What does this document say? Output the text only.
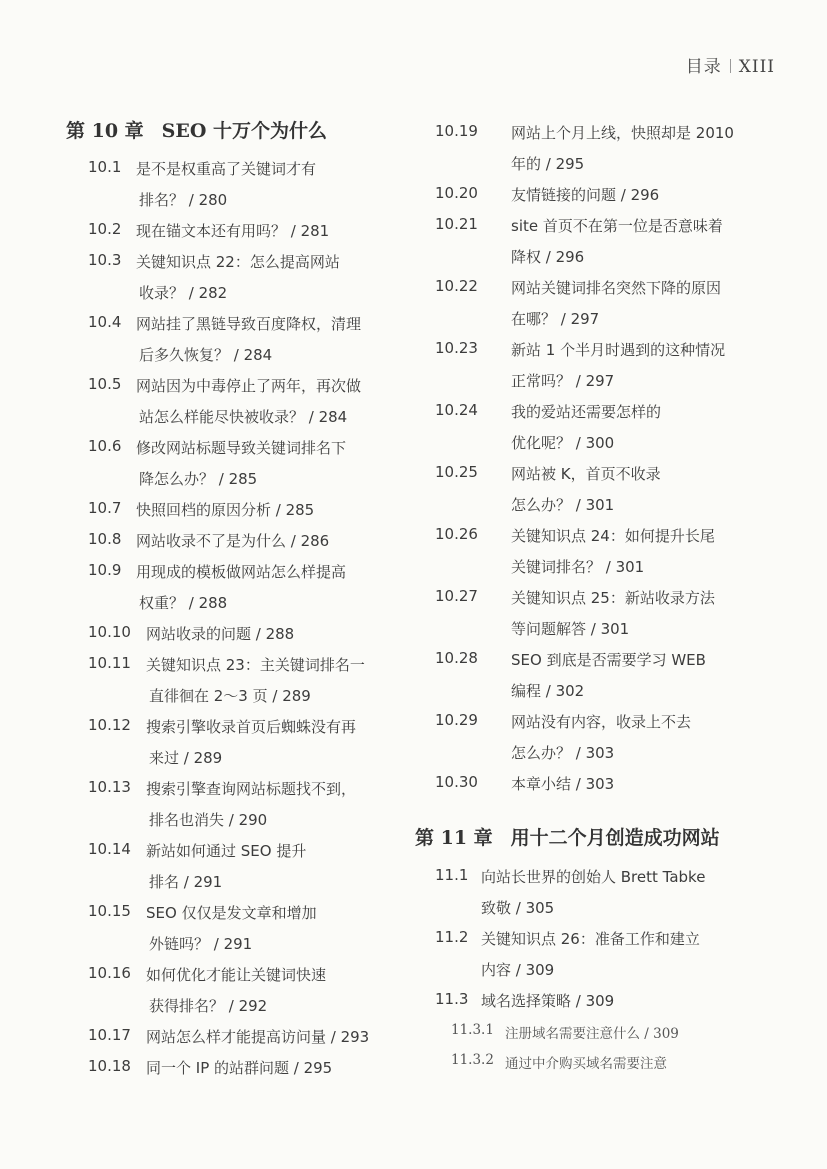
目录 XIII
第 10 章 SEO 十万个为什么
10.1 是不是权重高了关键词才有
排名？ / 280
10.2 现在锚文本还有用吗？ / 281
10.3 关键知识点 22：怎么提高网站
收录？ / 282
10.4 网站挂了黑链导致百度降权，清理
后多久恢复？ / 284
10.5 网站因为中毒停止了两年，再次做
站怎么样能尽快被收录？ / 284
10.6 修改网站标题导致关键词排名下
降怎么办？ / 285
10.7 快照回档的原因分析 / 285
10.8 网站收录不了是为什么 / 286
10.9 用现成的模板做网站怎么样提高
权重？ / 288
10.10 网站收录的问题 / 288
10.11 关键知识点 23：主关键词排名一
直徘徊在 2～3 页 / 289
10.12 搜索引擎收录首页后蜘蛛没有再
来过 / 289
10.13 搜索引擎查询网站标题找不到，
排名也消失 / 290
10.14 新站如何通过 SEO 提升
排名 / 291
10.15 SEO 仅仅是发文章和增加
外链吗？ / 291
10.16 如何优化才能让关键词快速
获得排名？ / 292
10.17 网站怎么样才能提高访问量 / 293
10.18 同一个 IP 的站群问题 / 295
10.19 网站上个月上线，快照却是 2010
年的 / 295
10.20 友情链接的问题 / 296
10.21 site 首页不在第一位是否意味着
降权 / 296
10.22 网站关键词排名突然下降的原因
在哪？ / 297
10.23 新站 1 个半月时遇到的这种情况
正常吗？ / 297
10.24 我的爱站还需要怎样的
优化呢？ / 300
10.25 网站被 K，首页不收录
怎么办？ / 301
10.26 关键知识点 24：如何提升长尾
关键词排名？ / 301
10.27 关键知识点 25：新站收录方法
等问题解答 / 301
10.28 SEO 到底是否需要学习 WEB
编程 / 302
10.29 网站没有内容，收录上不去
怎么办？ / 303
10.30 本章小结 / 303
第 11 章 用十二个月创造成功网站
11.1 向站长世界的创始人 Brett Tabke
致敬 / 305
11.2 关键知识点 26：准备工作和建立
内容 / 309
11.3 域名选择策略 / 309
11.3.1 注册域名需要注意什么 / 309
11.3.2 通过中介购买域名需要注意
